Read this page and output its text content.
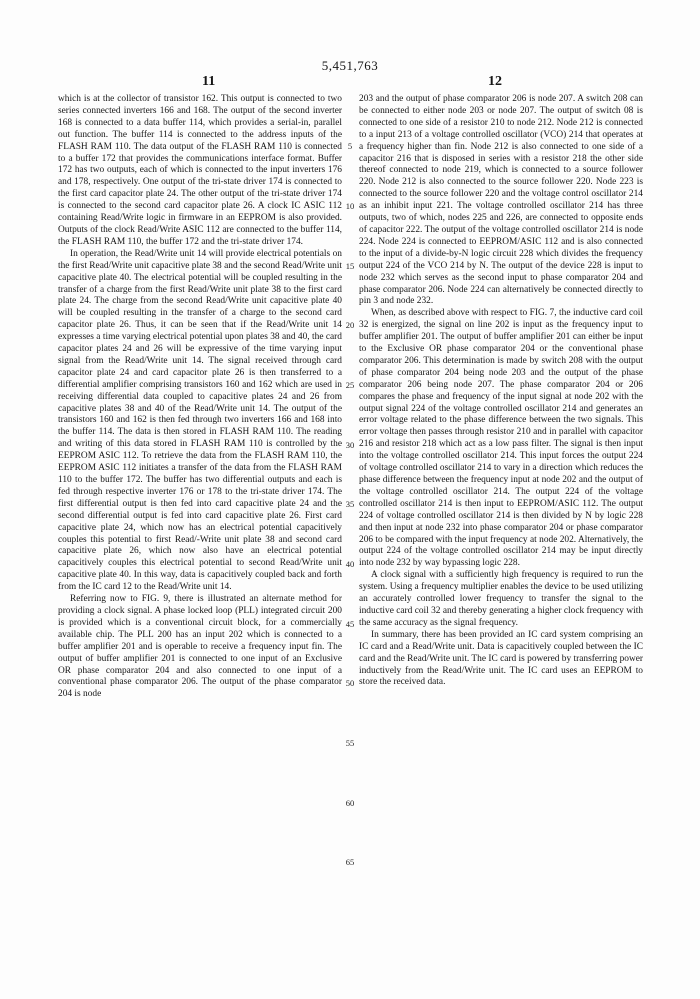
5,451,763
11	12

which is at the collector of transistor 162. This output is connected to two series connected inverters 166 and 168. The output of the second inverter 168 is connected to a data buffer 114, which provides a serial-in, parallel out function. The buffer 114 is connected to the address inputs of the FLASH RAM 110. The data output of the FLASH RAM 110 is connected to a buffer 172 that provides the communications interface format. Buffer 172 has two outputs, each of which is connected to the input inverters 176 and 178, respectively. One output of the tri-state driver 174 is connected to the first card capacitor plate 24. The other output of the tri-state driver 174 is connected to the second card capacitor plate 26. A clock IC ASIC 112 containing Read/Write logic in firmware in an EEPROM is also provided. Outputs of the clock Read/Write ASIC 112 are connected to the buffer 114, the FLASH RAM 110, the buffer 172 and the tri-state driver 174.

In operation, the Read/Write unit 14 will provide electrical potentials on the first Read/Write unit capacitive plate 38 and the second Read/Write unit capacitive plate 40. The electrical potential will be coupled resulting in the transfer of a charge from the first Read/Write unit plate 38 to the first card plate 24. The charge from the second Read/Write unit capacitive plate 40 will be coupled resulting in the transfer of a charge to the second card capacitor plate 26. Thus, it can be seen that if the Read/Write unit 14 expresses a time varying electrical potential upon plates 38 and 40, the card capacitor plates 24 and 26 will be expressive of the time varying input signal from the Read/Write unit 14. The signal received through card capacitor plate 24 and card capacitor plate 26 is then transferred to a differential amplifier comprising transistors 160 and 162 which are used in receiving differential data coupled to capacitive plates 24 and 26 from capacitive plates 38 and 40 of the Read/Write unit 14. The output of the transistors 160 and 162 is then fed through two inverters 166 and 168 into the buffer 114. The data is then stored in FLASH RAM 110. The reading and writing of this data stored in FLASH RAM 110 is controlled by the EEPROM ASIC 112. To retrieve the data from the FLASH RAM 110, the EEPROM ASIC 112 initiates a transfer of the data from the FLASH RAM 110 to the buffer 172. The buffer has two differential outputs and each is fed through respective inverter 176 or 178 to the tri-state driver 174. The first differential output is then fed into card capacitive plate 24 and the second differential output is fed into card capacitive plate 26. First card capacitive plate 24, which now has an electrical potential capacitively couples this potential to first Read/-Write unit plate 38 and second card capacitive plate 26, which now also have an electrical potential capacitively couples this electrical potential to second Read/Write unit capacitive plate 40. In this way, data is capacitively coupled back and forth from the IC card 12 to the Read/Write unit 14.

Referring now to FIG. 9, there is illustrated an alternate method for providing a clock signal. A phase locked loop (PLL) integrated circuit 200 is provided which is a conventional circuit block, for a commercially available chip. The PLL 200 has an input 202 which is connected to a buffer amplifier 201 and is operable to receive a frequency input fin. The output of buffer amplifier 201 is connected to one input of an Exclusive OR phase comparator 204 and also connected to one input of a conventional phase comparator 206. The output of the phase comparator 204 is node

5
10
15
20
25
30
35
40
45
50
55
60
65

203 and the output of phase comparator 206 is node 207. A switch 208 can be connected to either node 203 or node 207. The output of switch 08 is connected to one side of a resistor 210 to node 212. Node 212 is connected to a input 213 of a voltage controlled oscillator (VCO) 214 that operates at a frequency higher than fin. Node 212 is also connected to one side of a capacitor 216 that is disposed in series with a resistor 218 the other side thereof connected to node 219, which is connected to a source follower 220. Node 212 is also connected to the source follower 220. Node 223 is connected to the source follower 220 and the voltage control oscillator 214 as an inhibit input 221. The voltage controlled oscillator 214 has three outputs, two of which, nodes 225 and 226, are connected to opposite ends of capacitor 222. The output of the voltage controlled oscillator 214 is node 224. Node 224 is connected to EEPROM/ASIC 112 and is also connected to the input of a divide-by-N logic circuit 228 which divides the frequency output 224 of the VCO 214 by N. The output of the device 228 is input to node 232 which serves as the second input to phase comparator 204 and phase comparator 206. Node 224 can alternatively be connected directly to pin 3 and node 232.

When, as described above with respect to FIG. 7, the inductive card coil 32 is energized, the signal on line 202 is input as the frequency input to buffer amplifier 201. The output of buffer amplifier 201 can either be input to the Exclusive OR phase comparator 204 or the conventional phase comparator 206. This determination is made by switch 208 with the output of phase comparator 204 being node 203 and the output of the phase comparator 206 being node 207. The phase comparator 204 or 206 compares the phase and frequency of the input signal at node 202 with the output signal 224 of the voltage controlled oscillator 214 and generates an error voltage related to the phase difference between the two signals. This error voltage then passes through resistor 210 and in parallel with capacitor 216 and resistor 218 which act as a low pass filter. The signal is then input into the voltage controlled oscillator 214. This input forces the output 224 of voltage controlled oscillator 214 to vary in a direction which reduces the phase difference between the frequency input at node 202 and the output of the voltage controlled oscillator 214. The output 224 of the voltage controlled oscillator 214 is then input to EEPROM/ASIC 112. The output 224 of voltage controlled oscillator 214 is then divided by N by logic 228 and then input at node 232 into phase comparator 204 or phase comparator 206 to be compared with the input frequency at node 202. Alternatively, the output 224 of the voltage controlled oscillator 214 may be input directly into node 232 by way bypassing logic 228.

A clock signal with a sufficiently high frequency is required to run the system. Using a frequency multiplier enables the device to be used utilizing an accurately controlled lower frequency to transfer the signal to the inductive card coil 32 and thereby generating a higher clock frequency with the same accuracy as the signal frequency.

In summary, there has been provided an IC card system comprising an IC card and a Read/Write unit. Data is capacitively coupled between the IC card and the Read/Write unit. The IC card is powered by transferring power inductively from the Read/Write unit. The IC card uses an EEPROM to store the received data.
